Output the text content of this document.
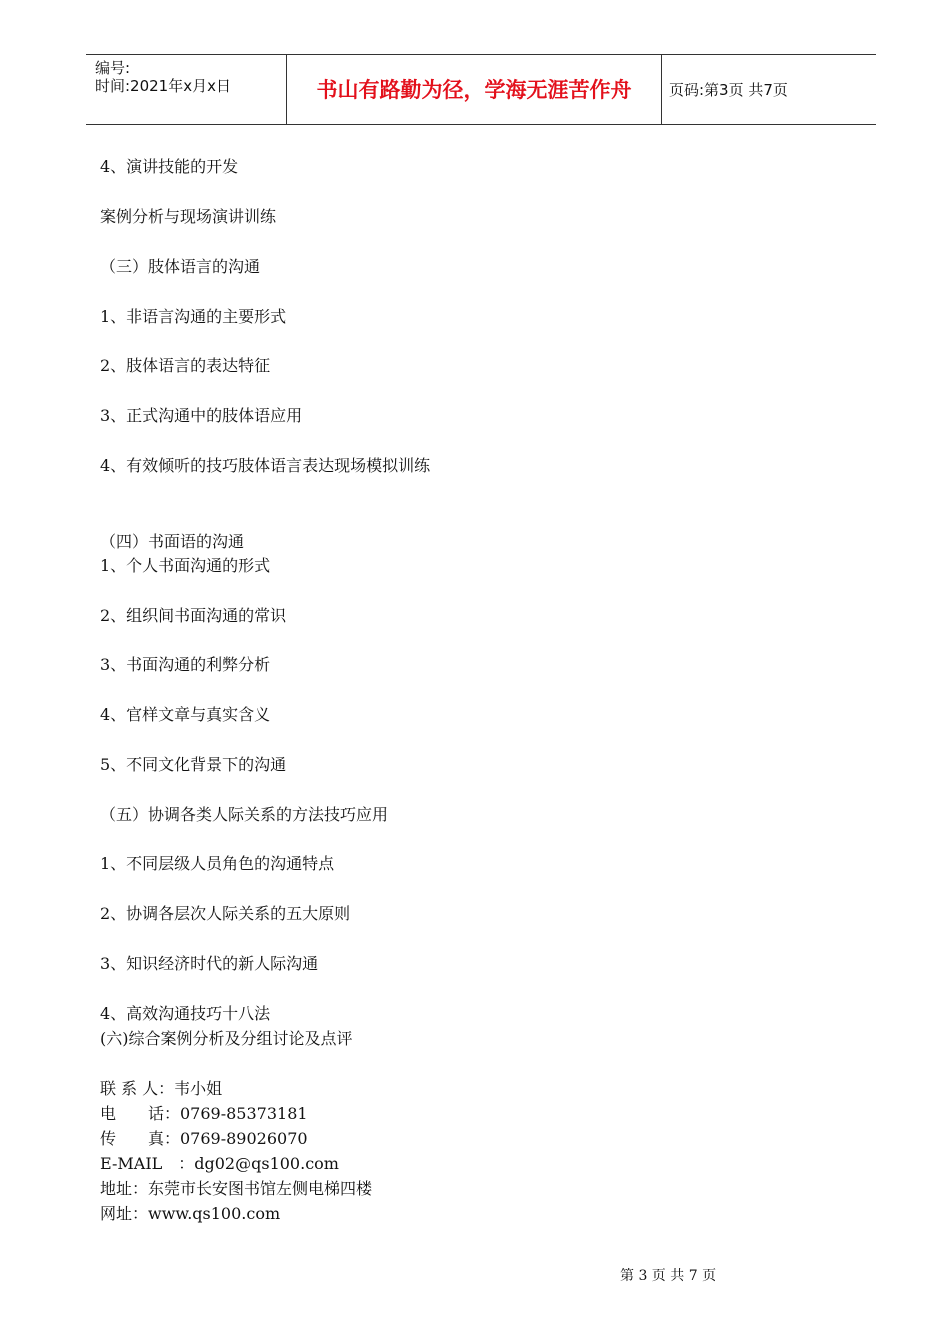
编号:
时间:2021年x月x日	书山有路勤为径，学海无涯苦作舟	页码:第3页 共7页
4、演讲技能的开发
案例分析与现场演讲训练
（三）肢体语言的沟通
1、非语言沟通的主要形式
2、肢体语言的表达特征
3、正式沟通中的肢体语应用
4、有效倾听的技巧肢体语言表达现场模拟训练
（四）书面语的沟通
1、个人书面沟通的形式
2、组织间书面沟通的常识
3、书面沟通的利弊分析
4、官样文章与真实含义
5、不同文化背景下的沟通
（五）协调各类人际关系的方法技巧应用
1、不同层级人员角色的沟通特点
2、协调各层次人际关系的五大原则
3、知识经济时代的新人际沟通
4、高效沟通技巧十八法
(六)综合案例分析及分组讨论及点评
联 系 人：韦小姐
电　　话：0769-85373181
传　　真：0769-89026070
E-MAIL　：dg02@qs100.com
地址：东莞市长安图书馆左侧电梯四楼
网址：www.qs100.com
第 3 页 共 7 页
